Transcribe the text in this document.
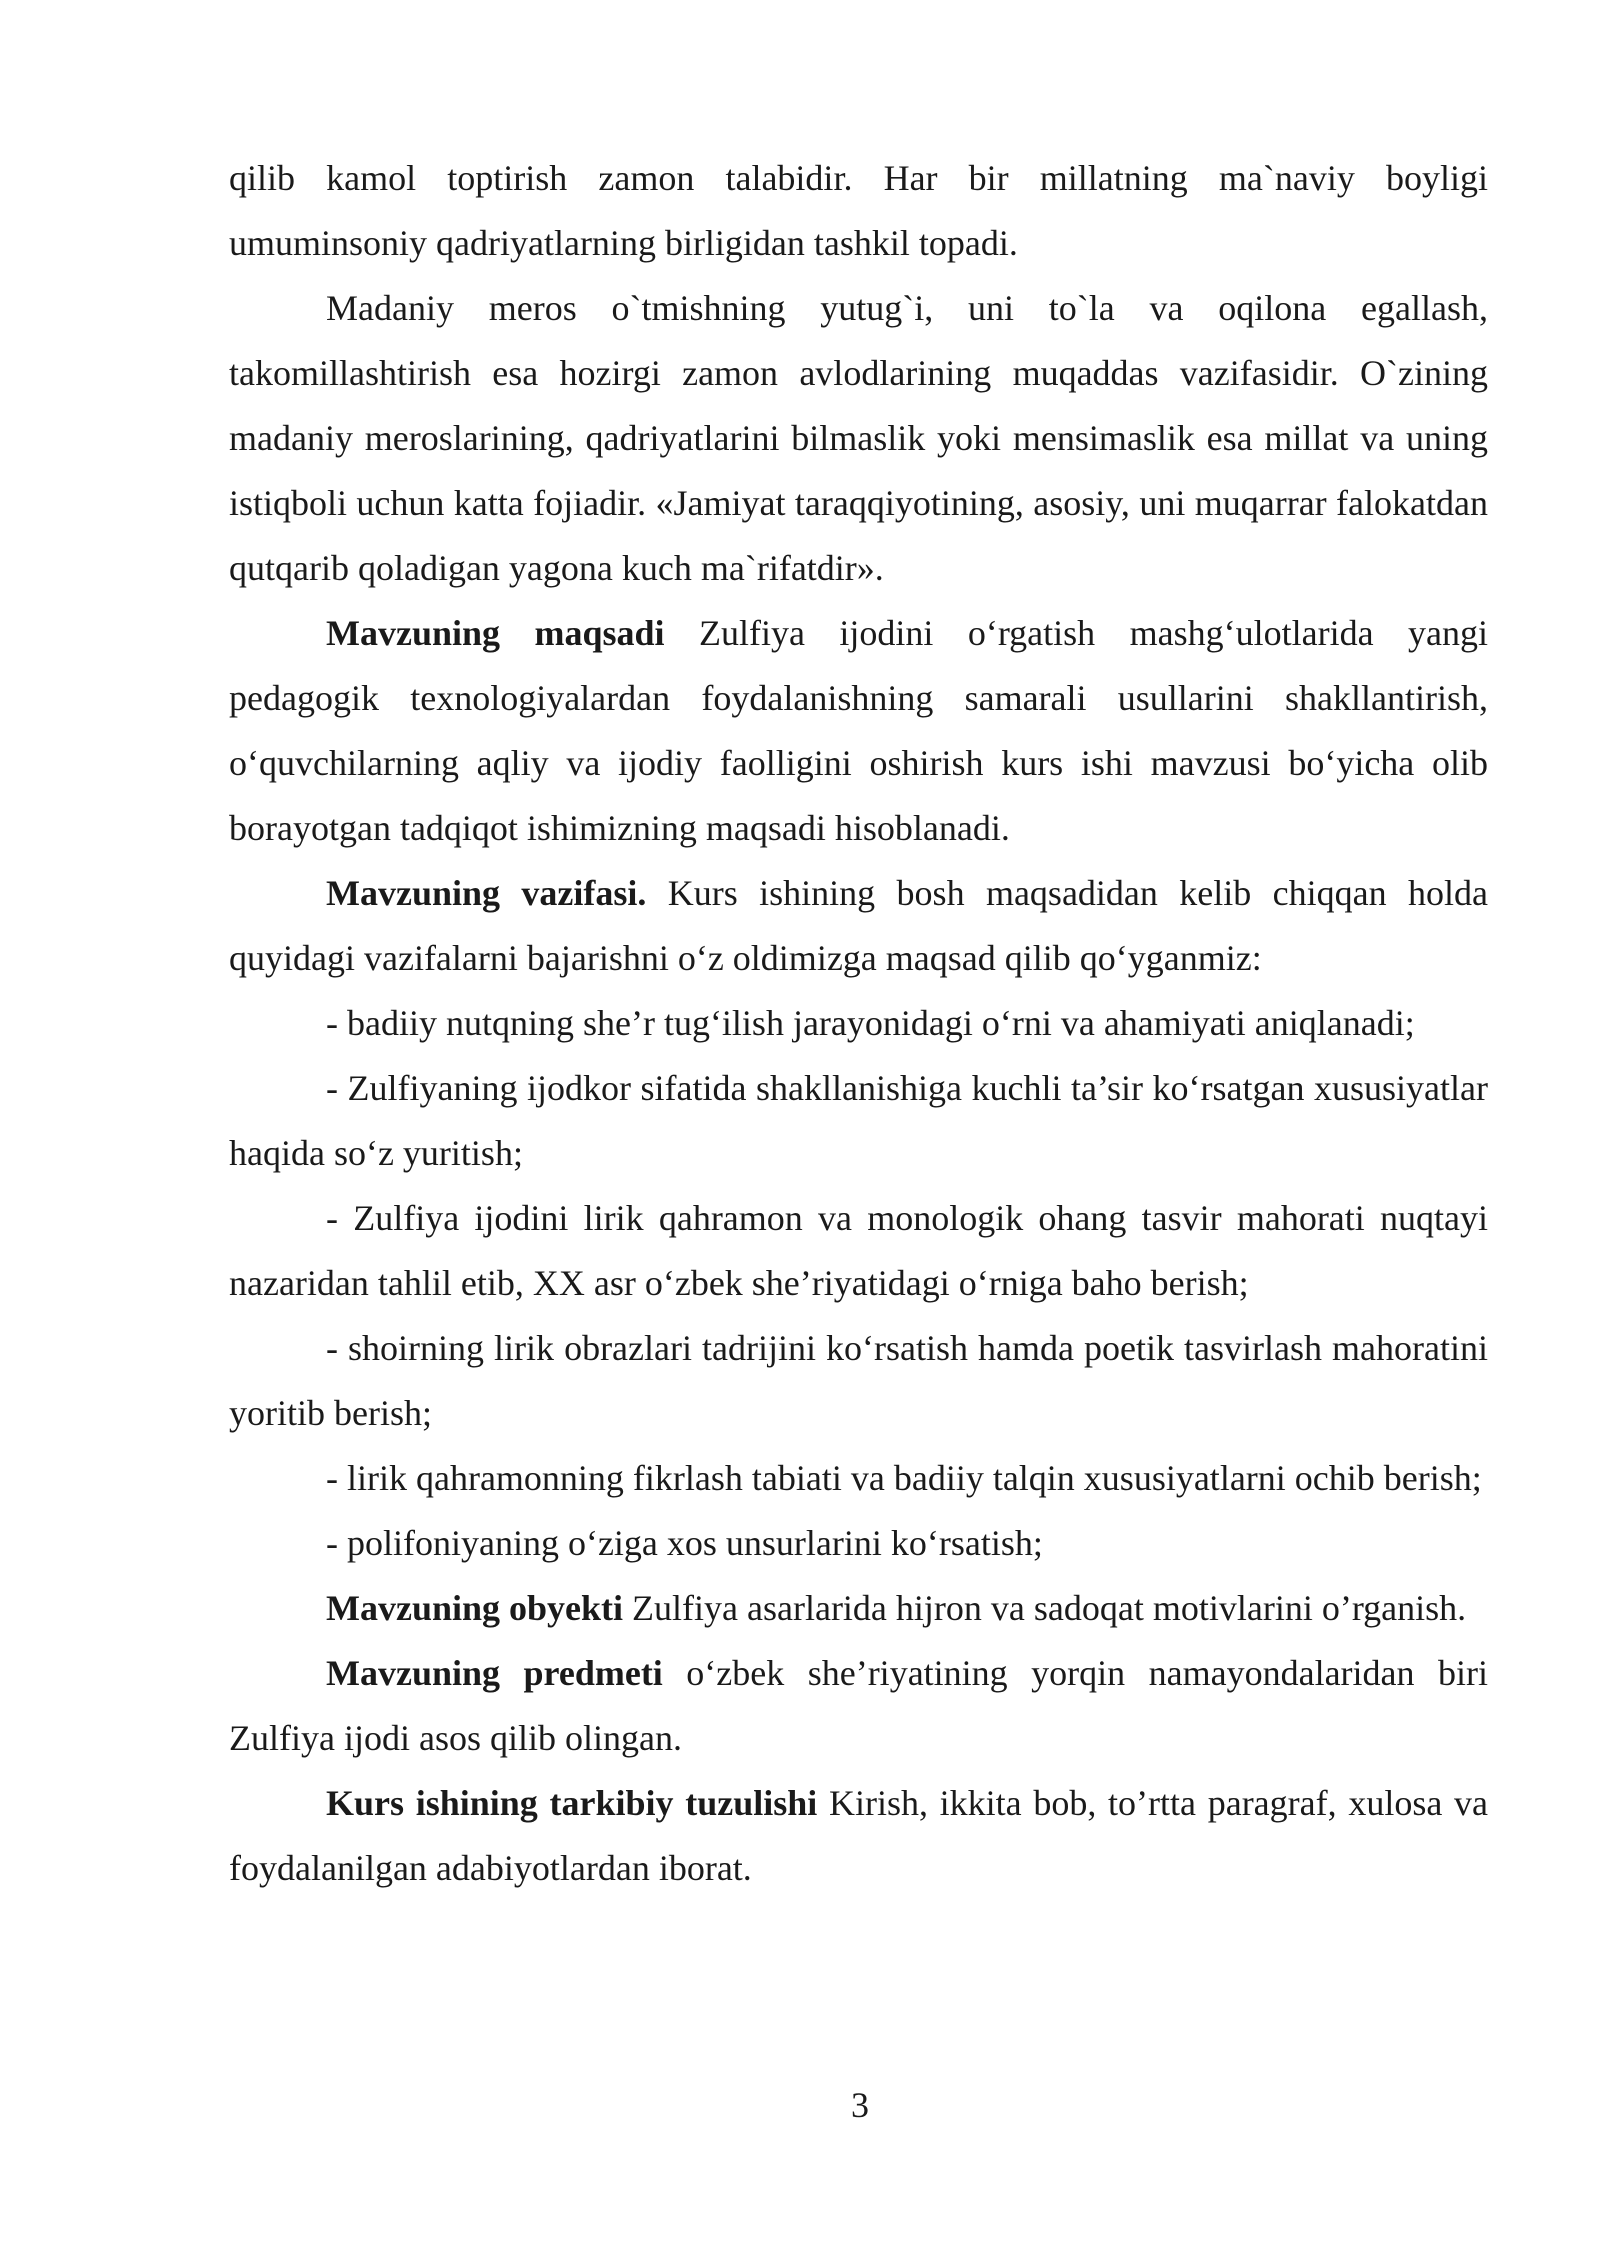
qilib kamol toptirish zamon talabidir. Har bir millatning ma`naviy boyligi umuminsoniy qadriyatlarning birligidan tashkil topadi.

Madaniy meros o`tmishning yutug`i, uni to`la va oqilona egallash, takomillashtirish esa hozirgi zamon avlodlarining muqaddas vazifasidir. O`zining madaniy meroslarining, qadriyatlarini bilmaslik yoki mensimaslik esa millat va uning istiqboli uchun katta fojiadir. «Jamiyat taraqqiyotining, asosiy, uni muqarrar falokatdan qutqarib qoladigan yagona kuch ma`rifatdir».

Mavzuning maqsadi Zulfiya ijodini o‘rgatish mashg‘ulotlarida yangi pedagogik texnologiyalardan foydalanishning samarali usullarini shakllantirish, o‘quvchilarning aqliy va ijodiy faolligini oshirish kurs ishi mavzusi bo‘yicha olib borayotgan tadqiqot ishimizning maqsadi hisoblanadi.

Mavzuning vazifasi. Kurs ishining bosh maqsadidan kelib chiqqan holda quyidagi vazifalarni bajarishni o‘z oldimizga maqsad qilib qo‘yganmiz:

- badiiy nutqning she’r tug‘ilish jarayonidagi o‘rni va ahamiyati aniqlanadi;

- Zulfiyaning ijodkor sifatida shakllanishiga kuchli ta’sir ko‘rsatgan xususiyatlar haqida so‘z yuritish;

- Zulfiya ijodini lirik qahramon va monologik ohang tasvir mahorati nuqtayi nazaridan tahlil etib, XX asr o‘zbek she’riyatidagi o‘rniga baho berish;

- shoirning lirik obrazlari tadrijini ko‘rsatish hamda poetik tasvirlash mahoratini yoritib berish;

- lirik qahramonning fikrlash tabiati va badiiy talqin xususiyatlarni ochib berish;

- polifoniyaning o‘ziga xos unsurlarini ko‘rsatish;

Mavzuning obyekti Zulfiya asarlarida hijron va sadoqat motivlarini o’rganish.

Mavzuning predmeti o‘zbek she’riyatining yorqin namayondalaridan biri Zulfiya ijodi asos qilib olingan.

Kurs ishining tarkibiy tuzulishi Kirish, ikkita bob, to’rtta paragraf, xulosa va foydalanilgan adabiyotlardan iborat.

3
